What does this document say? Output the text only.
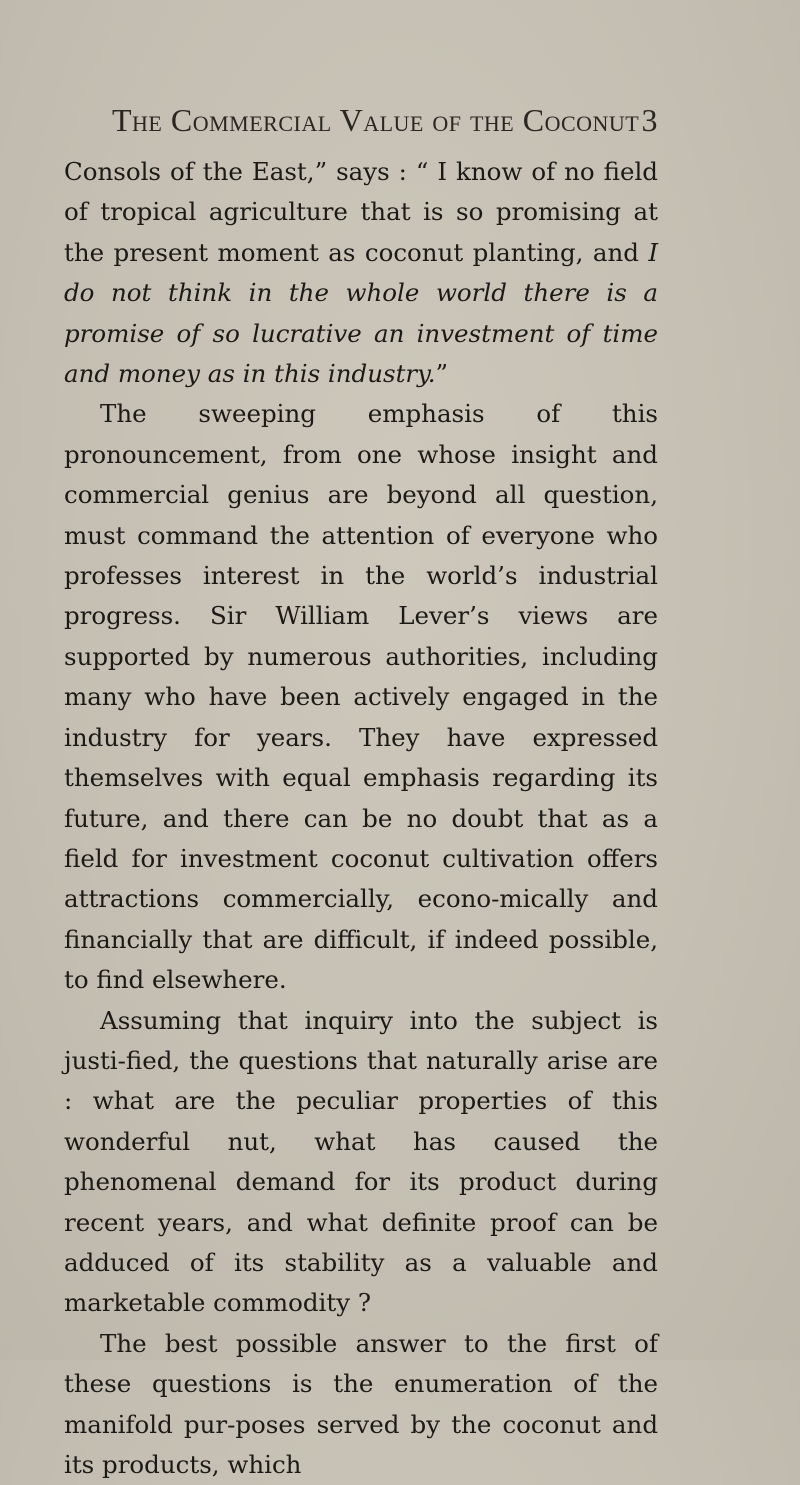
The Commercial Value of the Coconut 3

Consols of the East,” says : “ I know of no field of tropical agriculture that is so promising at the present moment as coconut planting, and I do not think in the whole world there is a promise of so lucrative an investment of time and money as in this industry.”

The sweeping emphasis of this pronouncement, from one whose insight and commercial genius are beyond all question, must command the attention of everyone who professes interest in the world’s industrial progress. Sir William Lever’s views are supported by numerous authorities, including many who have been actively engaged in the industry for years. They have expressed themselves with equal emphasis regarding its future, and there can be no doubt that as a field for investment coconut cultivation offers attractions commercially, econo-mically and financially that are difficult, if indeed possible, to find elsewhere.

Assuming that inquiry into the subject is justi-fied, the questions that naturally arise are : what are the peculiar properties of this wonderful nut, what has caused the phenomenal demand for its product during recent years, and what definite proof can be adduced of its stability as a valuable and marketable commodity ?

The best possible answer to the first of these questions is the enumeration of the manifold pur-poses served by the coconut and its products, which
